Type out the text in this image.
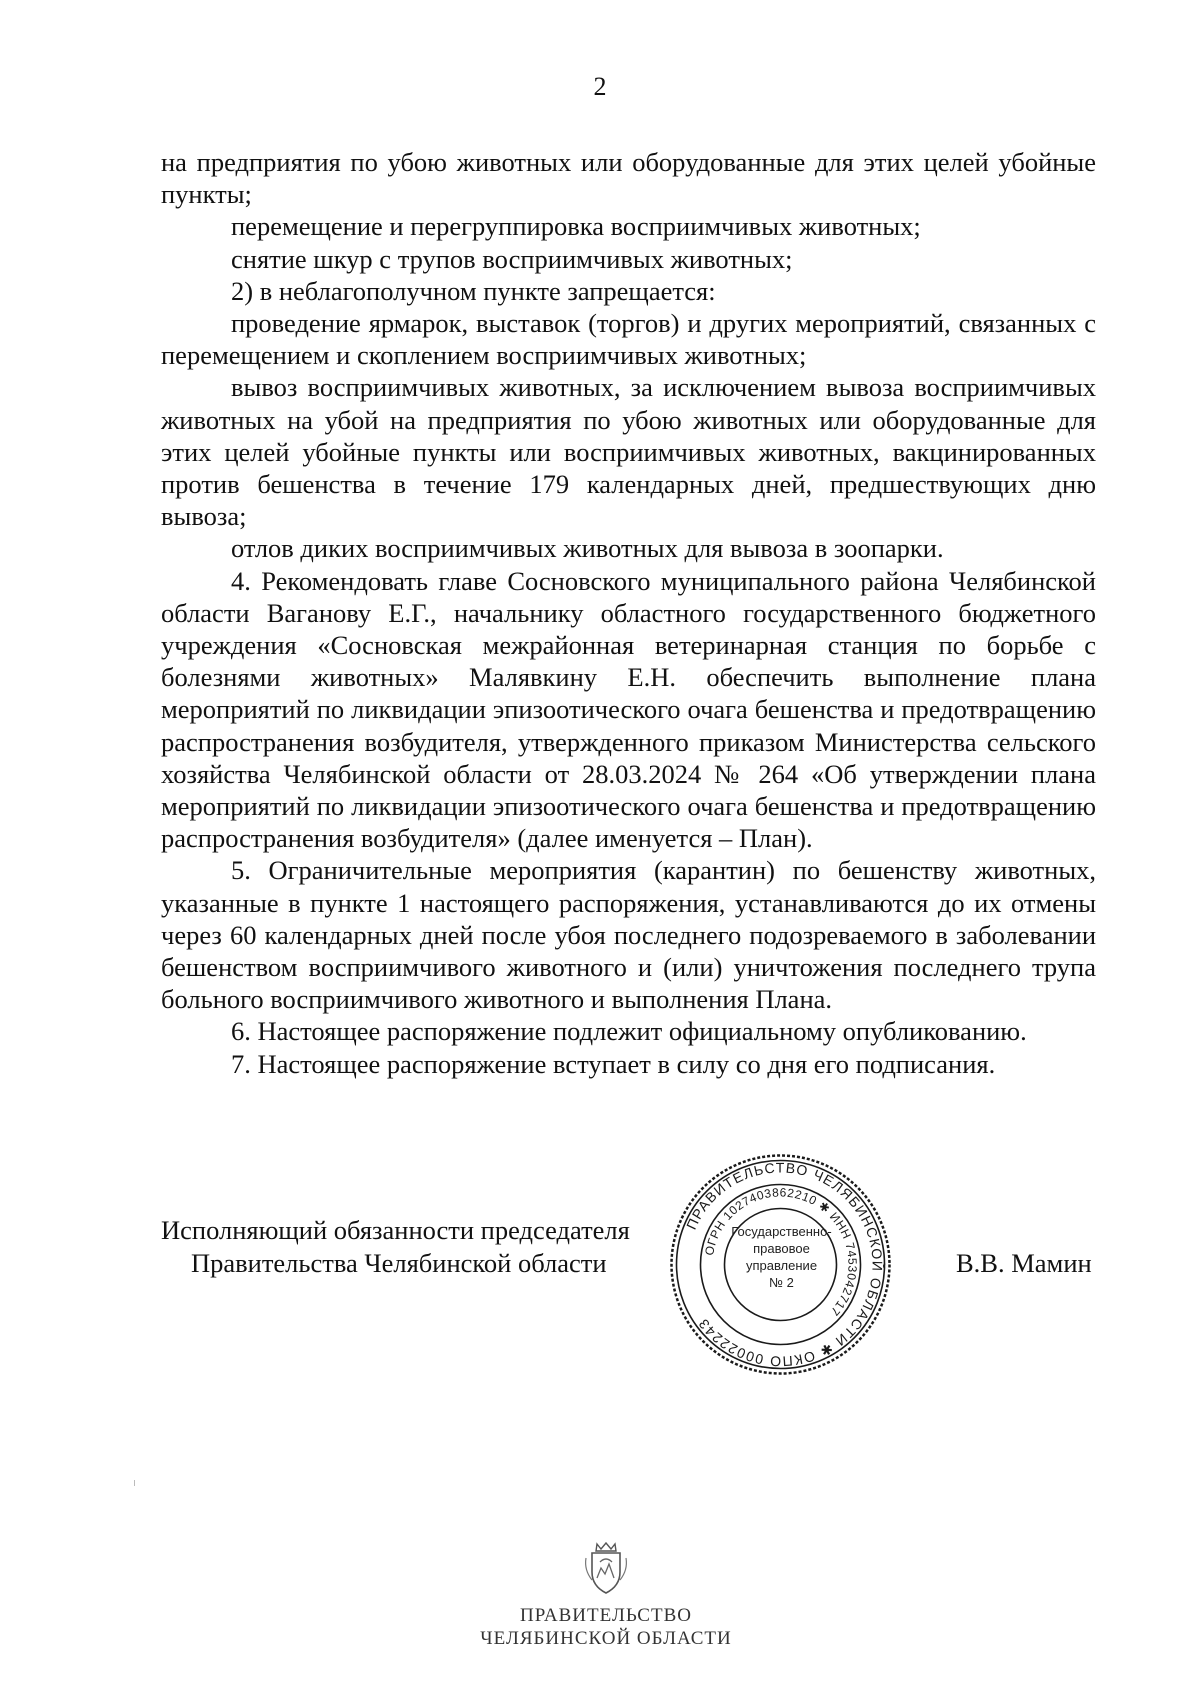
2

на предприятия по убою животных или оборудованные для этих целей убойные пункты;

перемещение и перегруппировка восприимчивых животных;

снятие шкур с трупов восприимчивых животных;

2) в неблагополучном пункте запрещается:

проведение ярмарок, выставок (торгов) и других мероприятий, связанных с перемещением и скоплением восприимчивых животных;

вывоз восприимчивых животных, за исключением вывоза восприимчивых животных на убой на предприятия по убою животных или оборудованные для этих целей убойные пункты или восприимчивых животных, вакцинированных против бешенства в течение 179 календарных дней, предшествующих дню вывоза;

отлов диких восприимчивых животных для вывоза в зоопарки.

4. Рекомендовать главе Сосновского муниципального района Челябинской области Ваганову Е.Г., начальнику областного государственного бюджетного учреждения «Сосновская межрайонная ветеринарная станция по борьбе с болезнями животных» Малявкину Е.Н. обеспечить выполнение плана мероприятий по ликвидации эпизоотического очага бешенства и предотвращению распространения возбудителя, утвержденного приказом Министерства сельского хозяйства Челябинской области от 28.03.2024 № 264 «Об утверждении плана мероприятий по ликвидации эпизоотического очага бешенства и предотвращению распространения возбудителя» (далее именуется – План).

5. Ограничительные мероприятия (карантин) по бешенству животных, указанные в пункте 1 настоящего распоряжения, устанавливаются до их отмены через 60 календарных дней после убоя последнего подозреваемого в заболевании бешенством восприимчивого животного и (или) уничтожения последнего трупа больного восприимчивого животного и выполнения Плана.

6. Настоящее распоряжение подлежит официальному опубликованию.

7. Настоящее распоряжение вступает в силу со дня его подписания.

Исполняющий обязанности председателя
Правительства Челябинской области	В.В. Мамин
ПРАВИТЕЛЬСТВО ЧЕЛЯБИНСКОЙ ОБЛАСТИ ✱ ОКПО 00022243
ОГРН 1027403862210 ✱ ИНН 7453042717
Государственно-
правовое
управление
№ 2
ПРАВИТЕЛЬСТВО
ЧЕЛЯБИНСКОЙ ОБЛАСТИ
